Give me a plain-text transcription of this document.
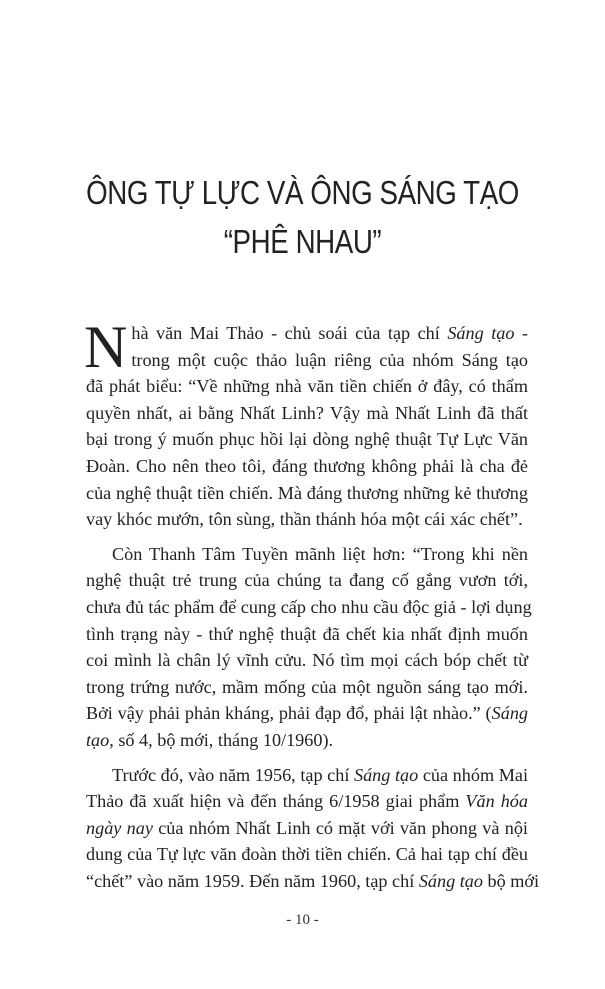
ÔNG TỰ LỰC VÀ ÔNG SÁNG TẠO
“PHÊ NHAU”

N hà văn Mai Thảo - chủ soái của tạp chí Sáng tạo -
trong một cuộc thảo luận riêng của nhóm Sáng tạo
đã phát biểu: “Về những nhà văn tiền chiến ở đây, có thẩm
quyền nhất, ai bằng Nhất Linh? Vậy mà Nhất Linh đã thất
bại trong ý muốn phục hồi lại dòng nghệ thuật Tự Lực Văn
Đoàn. Cho nên theo tôi, đáng thương không phải là cha đẻ
của nghệ thuật tiền chiến. Mà đáng thương những kẻ thương
vay khóc mướn, tôn sùng, thần thánh hóa một cái xác chết”.

Còn Thanh Tâm Tuyền mãnh liệt hơn: “Trong khi nền
nghệ thuật trẻ trung của chúng ta đang cố gắng vươn tới,
chưa đủ tác phẩm để cung cấp cho nhu cầu độc giả - lợi dụng
tình trạng này - thứ nghệ thuật đã chết kia nhất định muốn
coi mình là chân lý vĩnh cửu. Nó tìm mọi cách bóp chết từ
trong trứng nước, mầm mống của một nguồn sáng tạo mới.
Bởi vậy phải phản kháng, phải đạp đổ, phải lật nhào.” (Sáng
tạo, số 4, bộ mới, tháng 10/1960).

Trước đó, vào năm 1956, tạp chí Sáng tạo của nhóm Mai
Thảo đã xuất hiện và đến tháng 6/1958 giai phẩm Văn hóa
ngày nay của nhóm Nhất Linh có mặt với văn phong và nội
dung của Tự lực văn đoàn thời tiền chiến. Cả hai tạp chí đều
“chết” vào năm 1959. Đến năm 1960, tạp chí Sáng tạo bộ mới

- 10 -
